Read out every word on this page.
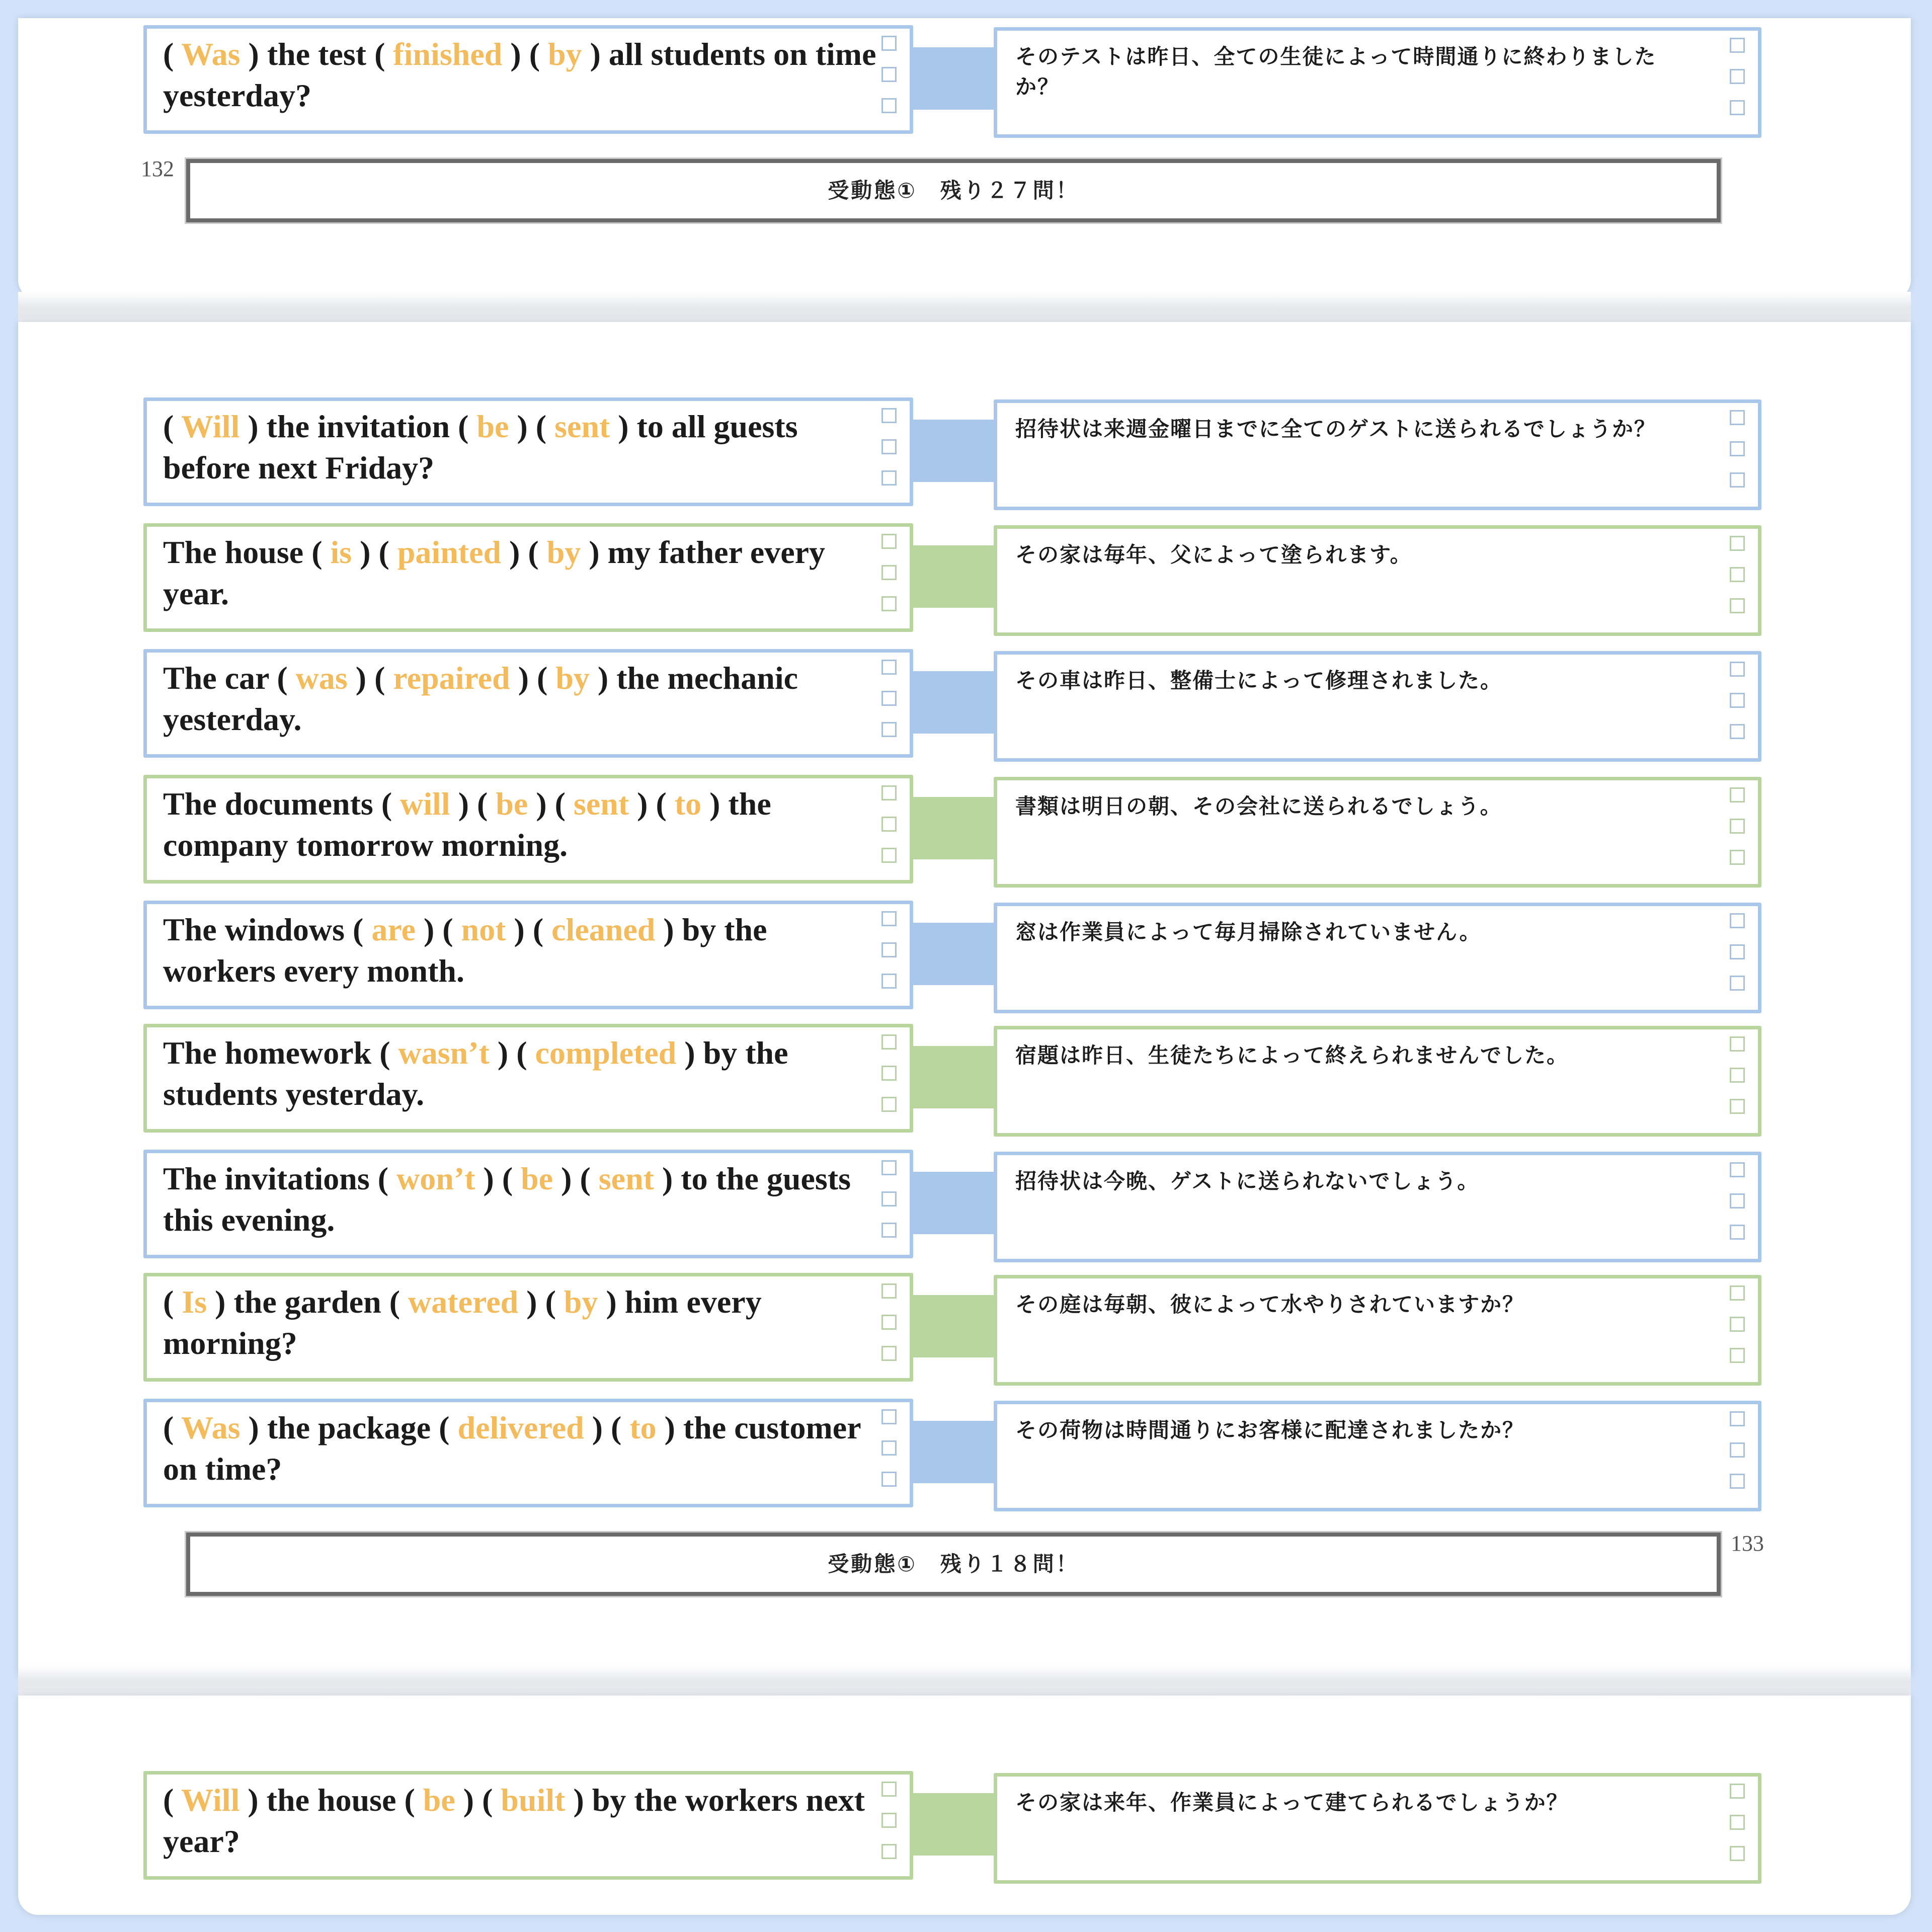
132
受動態①　残り２７問！
133
受動態①　残り１８問！
( Was ) the test ( finished ) ( by ) all students on time yesterday?
そのテストは昨日、全ての生徒によって時間通りに終わりましたか？
( Will ) the invitation ( be ) ( sent ) to all guests before next Friday?
招待状は来週金曜日までに全てのゲストに送られるでしょうか？
The house ( is ) ( painted ) ( by ) my father every year.
その家は毎年、父によって塗られます。
The car ( was ) ( repaired ) ( by ) the mechanic yesterday.
その車は昨日、整備士によって修理されました。
The documents ( will ) ( be ) ( sent ) ( to ) the company tomorrow morning.
書類は明日の朝、その会社に送られるでしょう。
The windows ( are ) ( not ) ( cleaned ) by the workers every month.
窓は作業員によって毎月掃除されていません。
The homework ( wasn’t ) ( completed ) by the students yesterday.
宿題は昨日、生徒たちによって終えられませんでした。
The invitations ( won’t ) ( be ) ( sent ) to the guests this evening.
招待状は今晩、ゲストに送られないでしょう。
( Is ) the garden ( watered ) ( by ) him every morning?
その庭は毎朝、彼によって水やりされていますか？
( Was ) the package ( delivered ) ( to ) the customer on time?
その荷物は時間通りにお客様に配達されましたか？
( Will ) the house ( be ) ( built ) by the workers next year?
その家は来年、作業員によって建てられるでしょうか？
